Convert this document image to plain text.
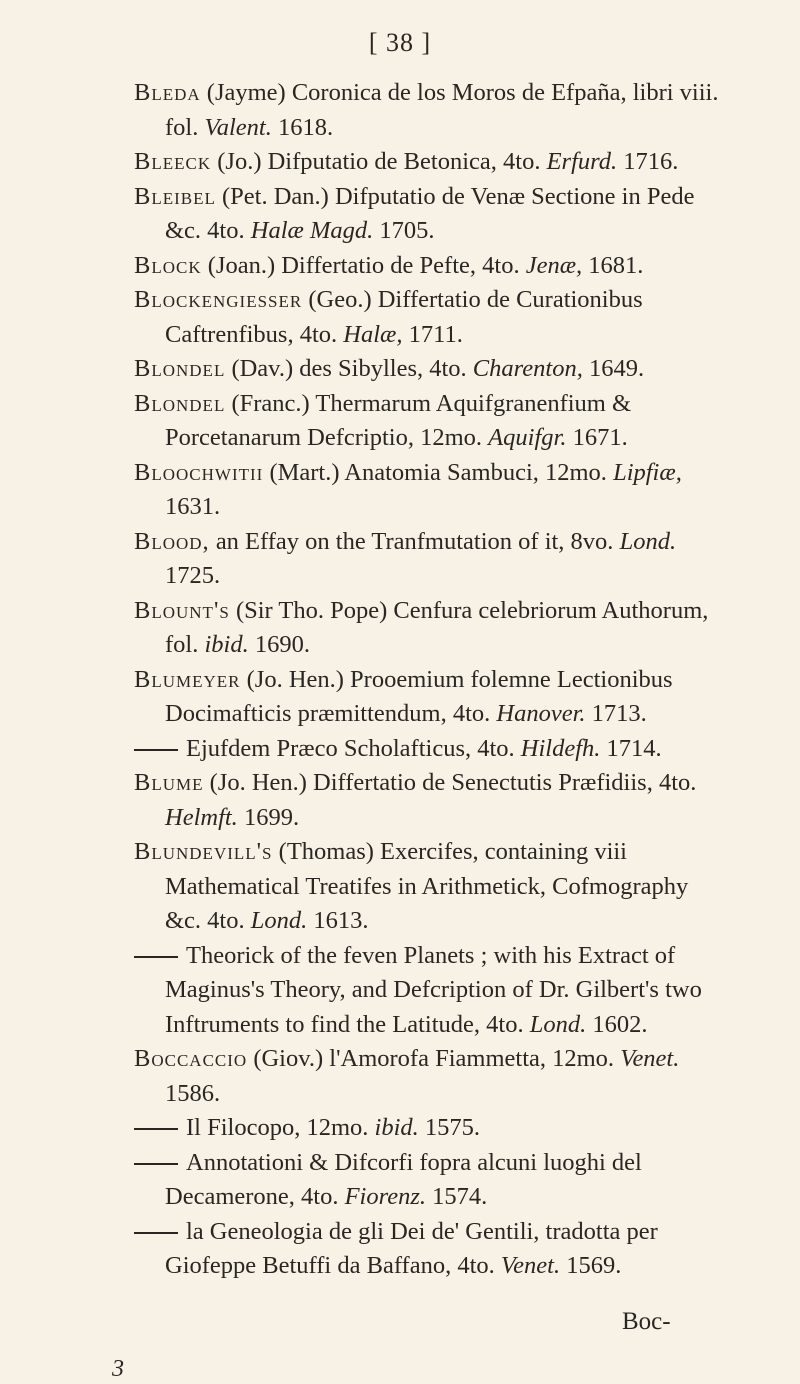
[ 38 ]
Bleda (Jayme) Coronica de los Moros de Efpaña, libri viii. fol. Valent. 1618.
Bleeck (Jo.) Difputatio de Betonica, 4to. Erfurd. 1716.
Bleibel (Pet. Dan.) Difputatio de Venæ Sectione in Pede &c. 4to. Halæ Magd. 1705.
Block (Joan.) Differtatio de Pefte, 4to. Jenæ, 1681.
Blockengiesser (Geo.) Differtatio de Curationibus Caftrenfibus, 4to. Halæ, 1711.
Blondel (Dav.) des Sibylles, 4to. Charenton, 1649.
Blondel (Franc.) Thermarum Aquifgranenfium & Porcetanarum Defcriptio, 12mo. Aquifgr. 1671.
Bloochwitii (Mart.) Anatomia Sambuci, 12mo. Lipfiæ, 1631.
Blood, an Effay on the Tranfmutation of it, 8vo. Lond. 1725.
Blount's (Sir Tho. Pope) Cenfura celebriorum Authorum, fol. ibid. 1690.
Blumeyer (Jo. Hen.) Prooemium folemne Lectionibus Docimafticis præmittendum, 4to. Hanover. 1713.
Ejufdem Præco Scholafticus, 4to. Hildefh. 1714.
Blume (Jo. Hen.) Differtatio de Senectutis Præfidiis, 4to. Helmft. 1699.
Blundevill's (Thomas) Exercifes, containing viii Mathematical Treatifes in Arithmetick, Cofmography &c. 4to. Lond. 1613.
Theorick of the feven Planets ; with his Extract of Maginus's Theory, and Defcription of Dr. Gilbert's two Inftruments to find the Latitude, 4to. Lond. 1602.
Boccaccio (Giov.) l'Amorofa Fiammetta, 12mo. Venet. 1586.
Il Filocopo, 12mo. ibid. 1575.
Annotationi & Difcorfi fopra alcuni luoghi del Decamerone, 4to. Fiorenz. 1574.
la Geneologia de gli Dei de' Gentili, tradotta per Giofeppe Betuffi da Baffano, 4to. Venet. 1569.
Boc-
3
